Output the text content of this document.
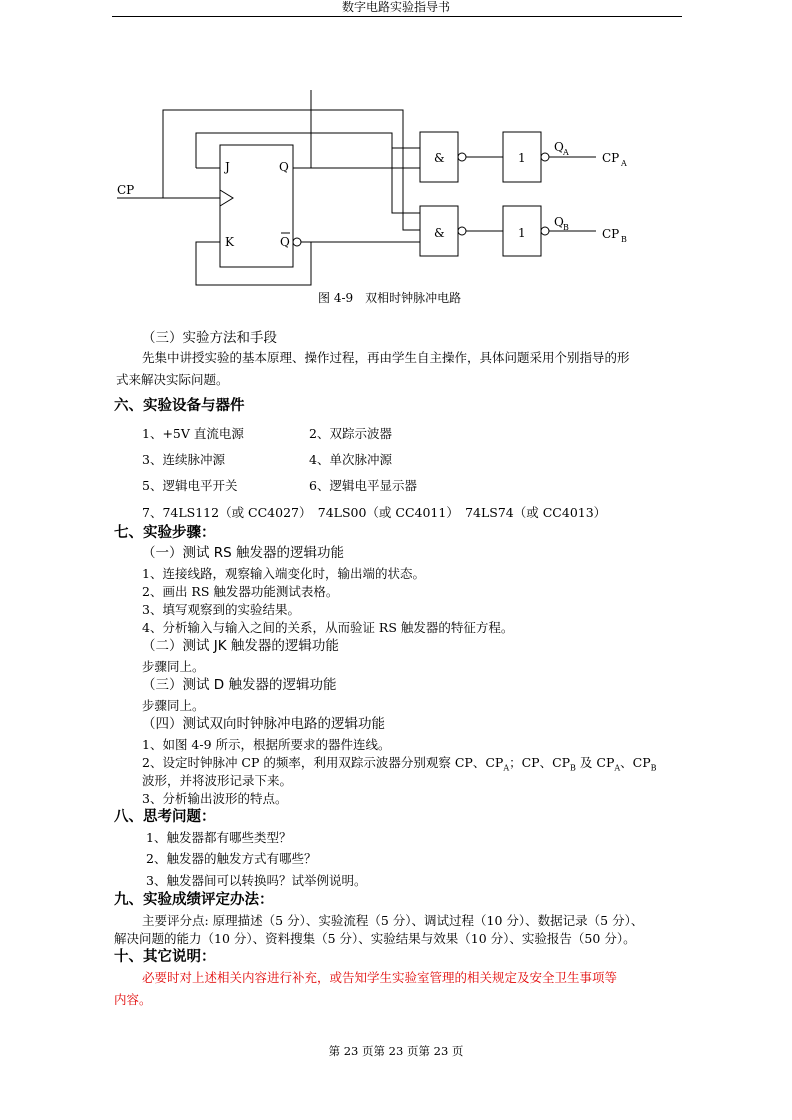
数字电路实验指导书
CP
J	Q
K	Q
&
&
1
1
Q A
Q B
CP A
CP B
图 4-9　双相时钟脉冲电路
（三）实验方法和手段
先集中讲授实验的基本原理、操作过程，再由学生自主操作，具体问题采用个别指导的形
式来解决实际问题。
六、实验设备与器件
1、+5V 直流电源	2、双踪示波器
3、连续脉冲源	4、单次脉冲源
5、逻辑电平开关	6、逻辑电平显示器
7、74LS112（或 CC4027）　74LS00（或 CC4011）　74LS74（或 CC4013）
七、实验步骤：
（一）测试 RS 触发器的逻辑功能
1、连接线路，观察输入端变化时，输出端的状态。
2、画出 RS 触发器功能测试表格。
3、填写观察到的实验结果。
4、分析输入与输入之间的关系，从而验证 RS 触发器的特征方程。
（二）测试 JK 触发器的逻辑功能
步骤同上。
（三）测试 D 触发器的逻辑功能
步骤同上。
（四）测试双向时钟脉冲电路的逻辑功能
1、如图 4-9 所示，根据所要求的器件连线。
2、设定时钟脉冲 CP 的频率，利用双踪示波器分别观察 CP、$CP_A$；CP、$CP_B$ 及 $CP_A$、$CP_B$
波形，并将波形记录下来。
3、分析输出波形的特点。
八、思考问题：
1、触发器都有哪些类型？
2、触发器的触发方式有哪些？
3、触发器间可以转换吗？试举例说明。
九、实验成绩评定办法：
主要评分点: 原理描述（5 分）、实验流程（5 分）、调试过程（10 分）、数据记录（5 分）、
解决问题的能力（10 分）、资料搜集（5 分）、实验结果与效果（10 分）、实验报告（50 分）。
十、其它说明：
必要时对上述相关内容进行补充，或告知学生实验室管理的相关规定及安全卫生事项等
内容。
第 23 页第 23 页第 23 页
